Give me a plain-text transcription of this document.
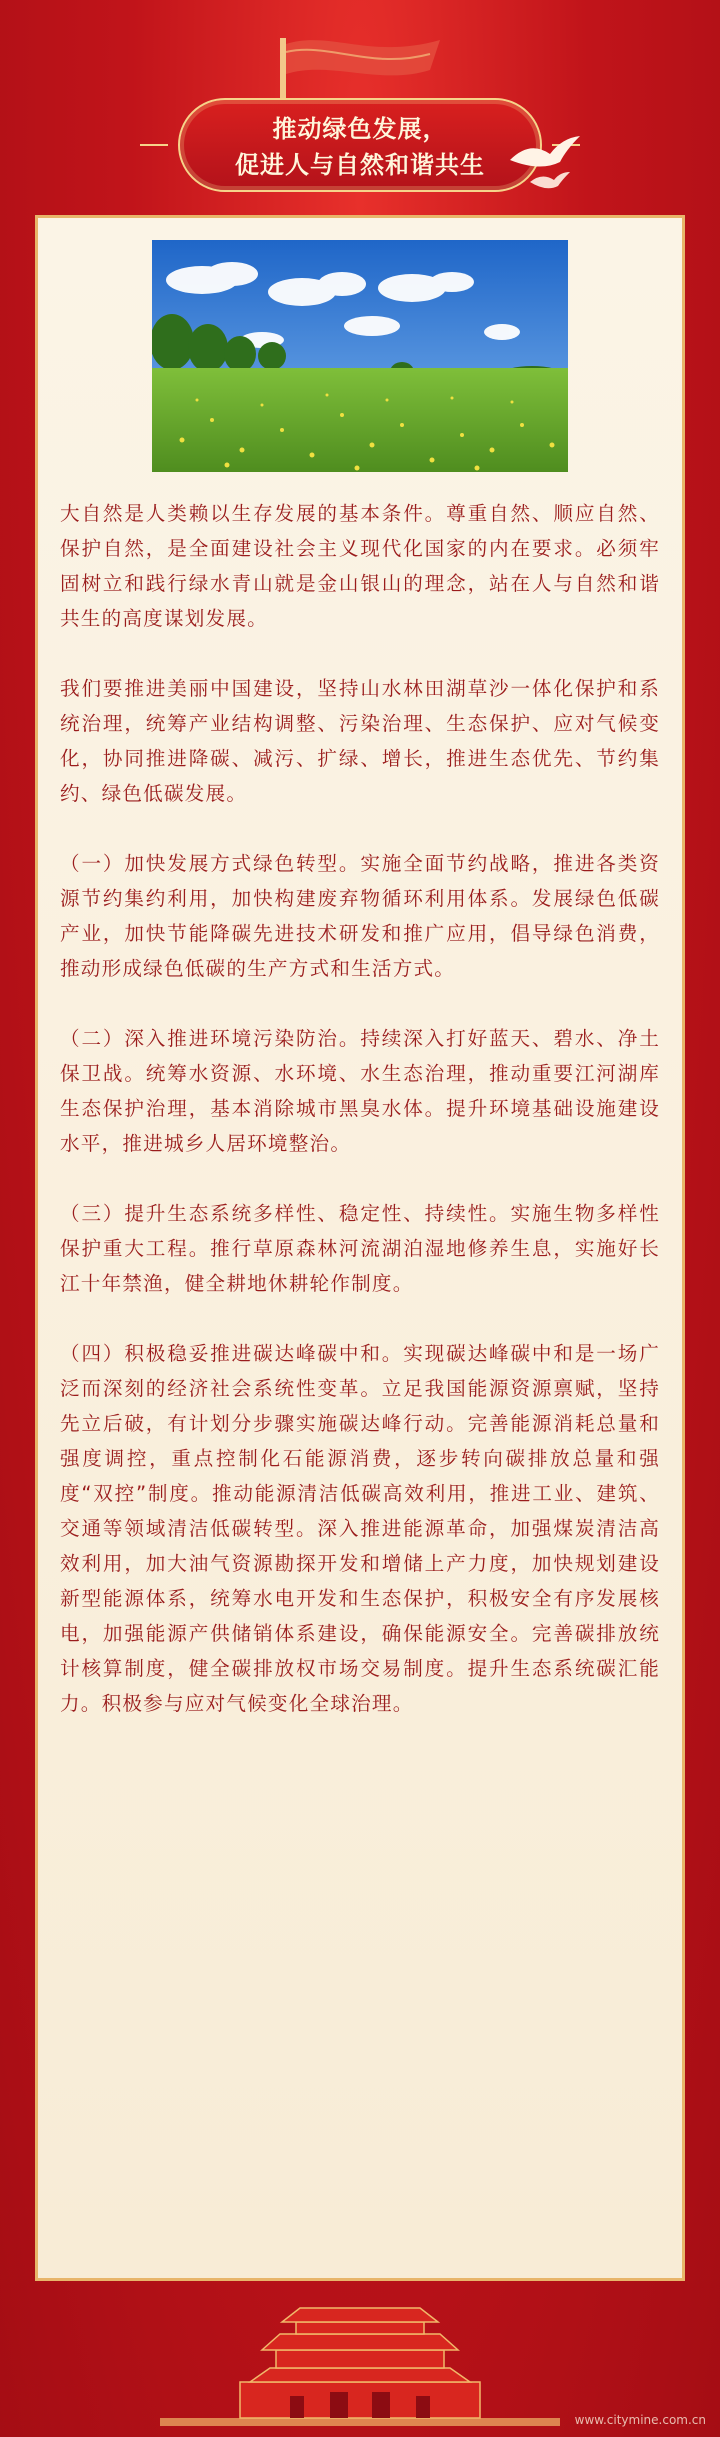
推动绿色发展，
促进人与自然和谐共生

大自然是人类赖以生存发展的基本条件。尊重自然、顺应自然、保护自然，是全面建设社会主义现代化国家的内在要求。必须牢固树立和践行绿水青山就是金山银山的理念，站在人与自然和谐共生的高度谋划发展。

我们要推进美丽中国建设，坚持山水林田湖草沙一体化保护和系统治理，统筹产业结构调整、污染治理、生态保护、应对气候变化，协同推进降碳、减污、扩绿、增长，推进生态优先、节约集约、绿色低碳发展。

（一）加快发展方式绿色转型。实施全面节约战略，推进各类资源节约集约利用，加快构建废弃物循环利用体系。发展绿色低碳产业，加快节能降碳先进技术研发和推广应用，倡导绿色消费，推动形成绿色低碳的生产方式和生活方式。

（二）深入推进环境污染防治。持续深入打好蓝天、碧水、净土保卫战。统筹水资源、水环境、水生态治理，推动重要江河湖库生态保护治理，基本消除城市黑臭水体。提升环境基础设施建设水平，推进城乡人居环境整治。

（三）提升生态系统多样性、稳定性、持续性。实施生物多样性保护重大工程。推行草原森林河流湖泊湿地修养生息，实施好长江十年禁渔，健全耕地休耕轮作制度。

（四）积极稳妥推进碳达峰碳中和。实现碳达峰碳中和是一场广泛而深刻的经济社会系统性变革。立足我国能源资源禀赋，坚持先立后破，有计划分步骤实施碳达峰行动。完善能源消耗总量和强度调控，重点控制化石能源消费，逐步转向碳排放总量和强度“双控”制度。推动能源清洁低碳高效利用，推进工业、建筑、交通等领域清洁低碳转型。深入推进能源革命，加强煤炭清洁高效利用，加大油气资源勘探开发和增储上产力度，加快规划建设新型能源体系，统筹水电开发和生态保护，积极安全有序发展核电，加强能源产供储销体系建设，确保能源安全。完善碳排放统计核算制度，健全碳排放权市场交易制度。提升生态系统碳汇能力。积极参与应对气候变化全球治理。

www.citymine.com.cn
